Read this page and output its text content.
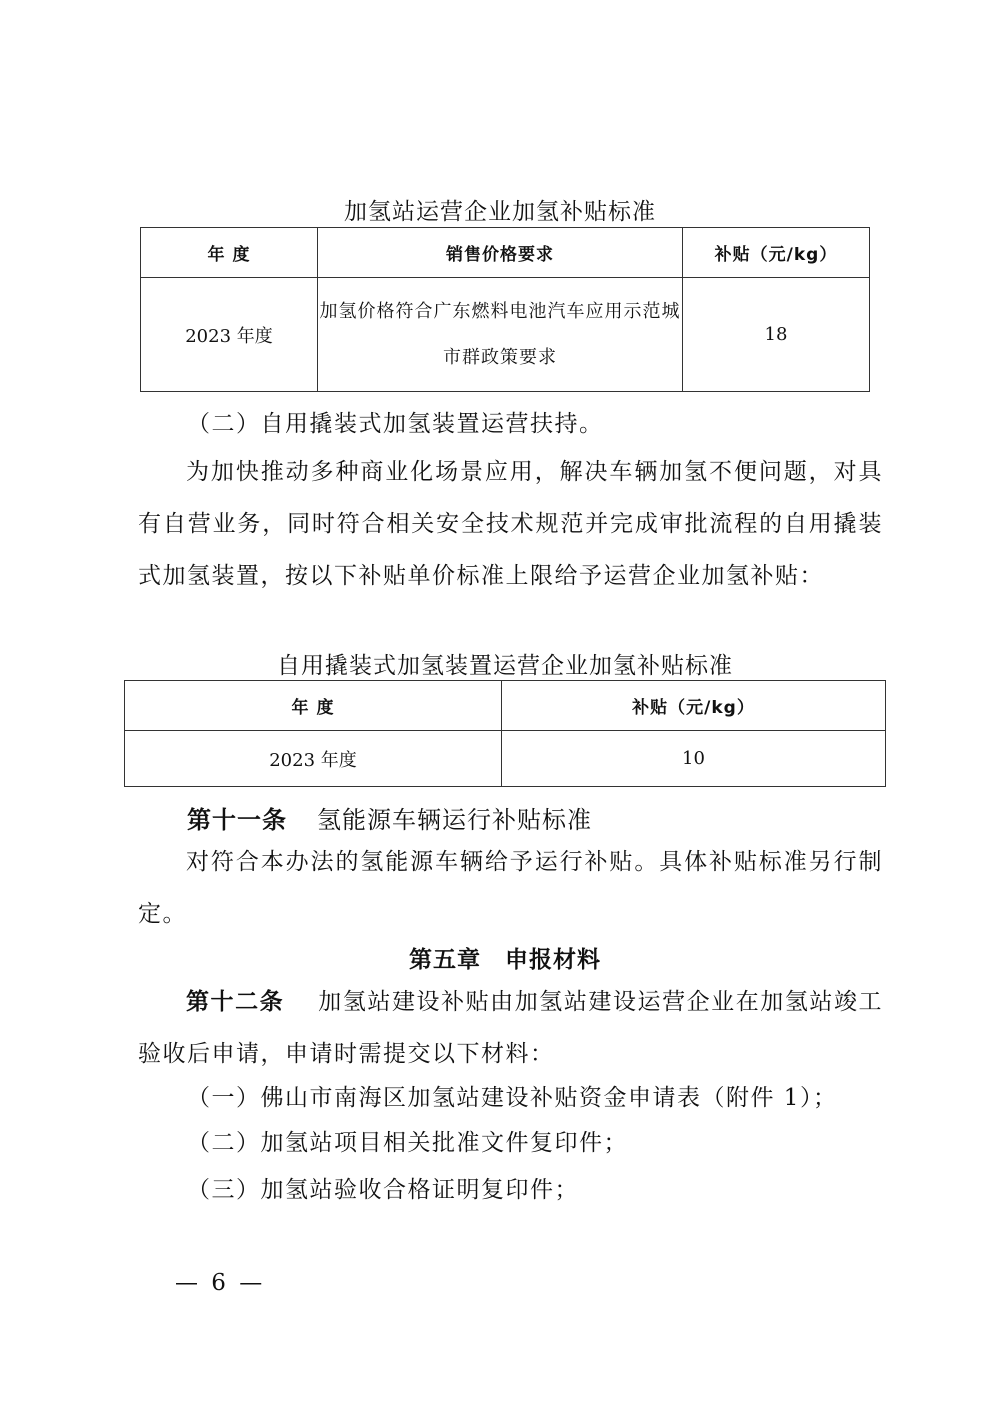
加氢站运营企业加氢补贴标准
年 度	销售价格要求	补贴（元/kg）
2023 年度	加氢价格符合广东燃料电池汽车应用示范城市群政策要求	18
（二）自用撬装式加氢装置运营扶持。
为加快推动多种商业化场景应用，解决车辆加氢不便问题，对具有自营业务，同时符合相关安全技术规范并完成审批流程的自用撬装式加氢装置，按以下补贴单价标准上限给予运营企业加氢补贴：
自用撬装式加氢装置运营企业加氢补贴标准
年 度	补贴（元/kg）
2023 年度	10
第十一条 氢能源车辆运行补贴标准
对符合本办法的氢能源车辆给予运行补贴。具体补贴标准另行制定。
第五章　申报材料
第十二条 加氢站建设补贴由加氢站建设运营企业在加氢站竣工验收后申请，申请时需提交以下材料：
（一）佛山市南海区加氢站建设补贴资金申请表（附件 1）；
（二）加氢站项目相关批准文件复印件；
（三）加氢站验收合格证明复印件；
— 6 —
